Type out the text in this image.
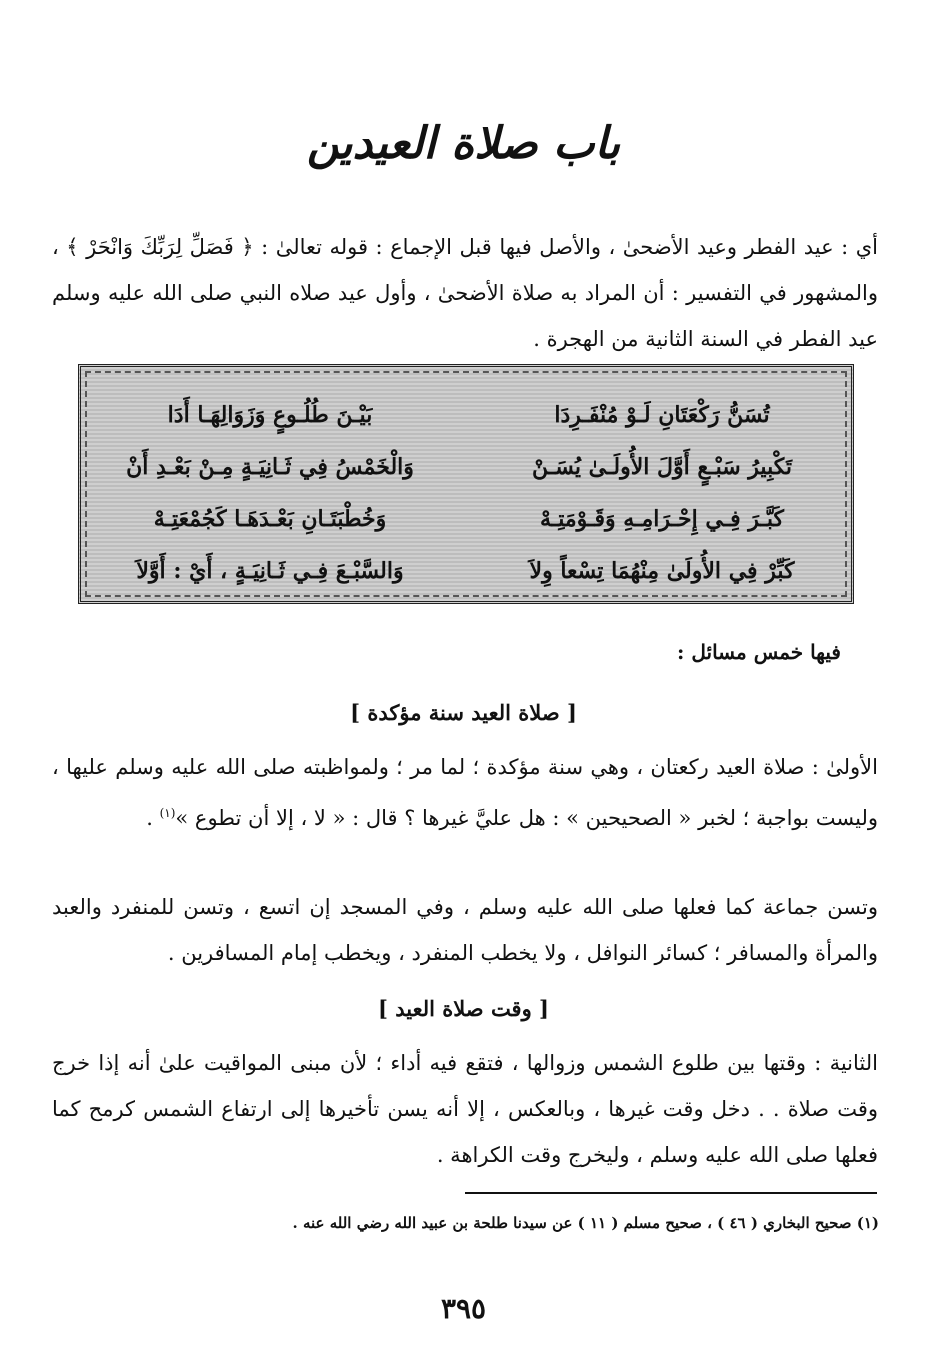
باب صلاة العيدين

أي : عيد الفطر وعيد الأضحىٰ ، والأصل فيها قبل الإجماع : قوله تعالىٰ : ﴿ فَصَلِّ لِرَبِّكَ وَانْحَرْ ﴾ ، والمشهور في التفسير : أن المراد به صلاة الأضحىٰ ، وأول عيد صلاه النبي صلى الله عليه وسلم عيد الفطر في السنة الثانية من الهجرة .

تُسَنُّ رَكْعَتَانِ لَـوْ مُنْفَـرِدَا
بَيْـنَ طُلُـوعٍ وَزَوَالِهَـا أَدَا
تَكْبِيرُ سَبْـعٍ أَوَّلَ الأُولَـىٰ يُسَـنْ
وَالْخَمْسُ فِي ثَـانِيَـةٍ مِـنْ بَعْـدِ أَنْ
كَبَّـرَ فِـي إِحْـرَامِـهِ وَقَـوْمَتِـهْ
وَخُطْبَتَـانِ بَعْـدَهَـا كَجُمْعَتِـهْ
كَبِّرْ فِي الأُولَىٰ مِنْهُمَا تِسْعاً وِلاَ
وَالسَّبْـعَ فِـي ثَـانِيَـةٍ ، أَيْ : أَوَّلاَ
فيها خمس مسائل :
[ صلاة العيد سنة مؤكدة ]

الأولىٰ : صلاة العيد ركعتان ، وهي سنة مؤكدة ؛ لما مر ؛ ولمواظبته صلى الله عليه وسلم عليها ، وليست بواجبة ؛ لخبر « الصحيحين » : هل عليَّ غيرها ؟ قال : « لا ، إلا أن تطوع »$^{(١)}$ .

وتسن جماعة كما فعلها صلى الله عليه وسلم ، وفي المسجد إن اتسع ، وتسن للمنفرد والعبد والمرأة والمسافر ؛ كسائر النوافل ، ولا يخطب المنفرد ، ويخطب إمام المسافرين .

[ وقت صلاة العيد ]

الثانية : وقتها بين طلوع الشمس وزوالها ، فتقع فيه أداء ؛ لأن مبنى المواقيت علىٰ أنه إذا خرج وقت صلاة . . دخل وقت غيرها ، وبالعكس ، إلا أنه يسن تأخيرها إلى ارتفاع الشمس كرمح كما فعلها صلى الله عليه وسلم ، وليخرج وقت الكراهة .

(١) صحيح البخاري ( ٤٦ ) ، صحيح مسلم ( ١١ ) عن سيدنا طلحة بن عبيد الله رضي الله عنه .
٣٩٥
